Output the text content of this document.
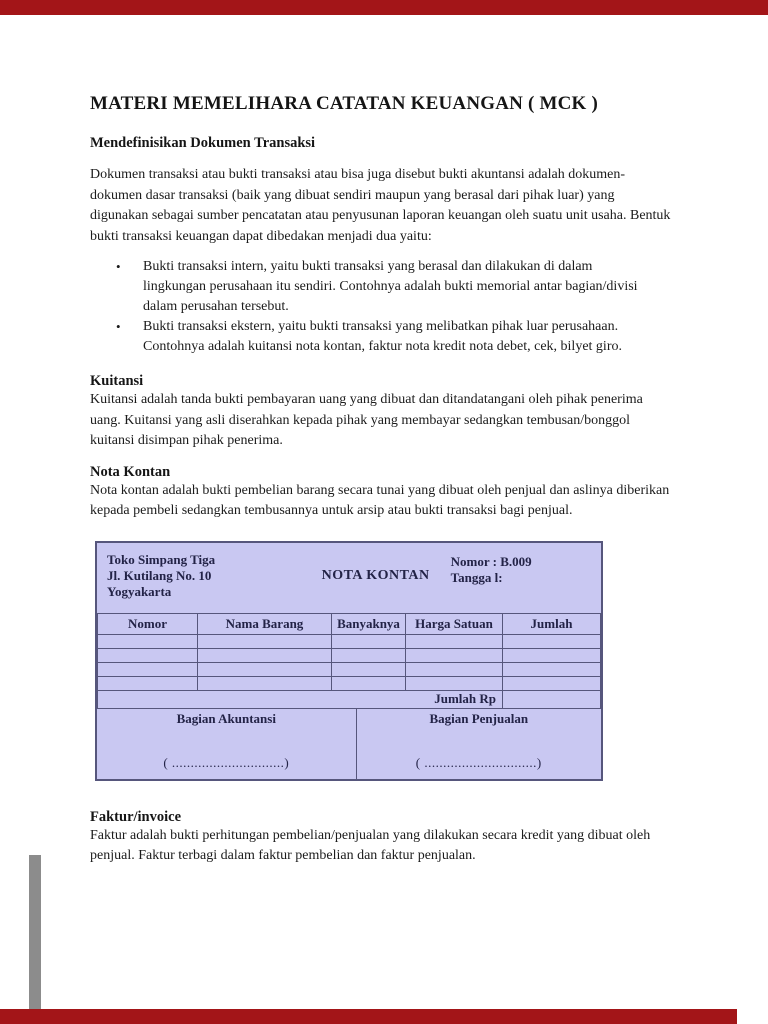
MATERI MEMELIHARA CATATAN KEUANGAN ( MCK )
Mendefinisikan Dokumen Transaksi

Dokumen transaksi atau bukti transaksi atau bisa juga disebut bukti akuntansi adalah dokumen-dokumen dasar transaksi (baik yang dibuat sendiri maupun yang berasal dari pihak luar) yang digunakan sebagai sumber pencatatan atau penyusunan laporan keuangan oleh suatu unit usaha. Bentuk bukti transaksi keuangan dapat dibedakan menjadi dua yaitu:

•	Bukti transaksi intern, yaitu bukti transaksi yang berasal dan dilakukan di dalam lingkungan perusahaan itu sendiri. Contohnya adalah bukti memorial antar bagian/divisi dalam perusahan tersebut.
•	Bukti transaksi ekstern, yaitu bukti transaksi yang melibatkan pihak luar perusahaan. Contohnya adalah kuitansi nota kontan, faktur nota kredit nota debet, cek, bilyet giro.
Kuitansi

Kuitansi adalah tanda bukti pembayaran uang yang dibuat dan ditandatangani oleh pihak penerima uang. Kuitansi yang asli diserahkan kepada pihak yang membayar sedangkan tembusan/bonggol kuitansi disimpan pihak penerima.

Nota Kontan

Nota kontan adalah bukti pembelian barang secara tunai yang dibuat oleh penjual dan aslinya diberikan kepada pembeli sedangkan tembusannya untuk arsip atau bukti transaksi bagi penjual.

Toko Simpang Tiga
Jl. Kutilang No. 10
Yogyakarta
NOTA KONTAN
Nomor : B.009
Tangga l:
Nomor	Nama Barang	Banyaknya	Harga Satuan	Jumlah

Jumlah Rp				
Bagian Akuntansi
( ..............................)
Bagian Penjualan
( ..............................)
Faktur/invoice

Faktur adalah bukti perhitungan pembelian/penjualan yang dilakukan secara kredit yang dibuat oleh penjual. Faktur terbagi dalam faktur pembelian dan faktur penjualan.
